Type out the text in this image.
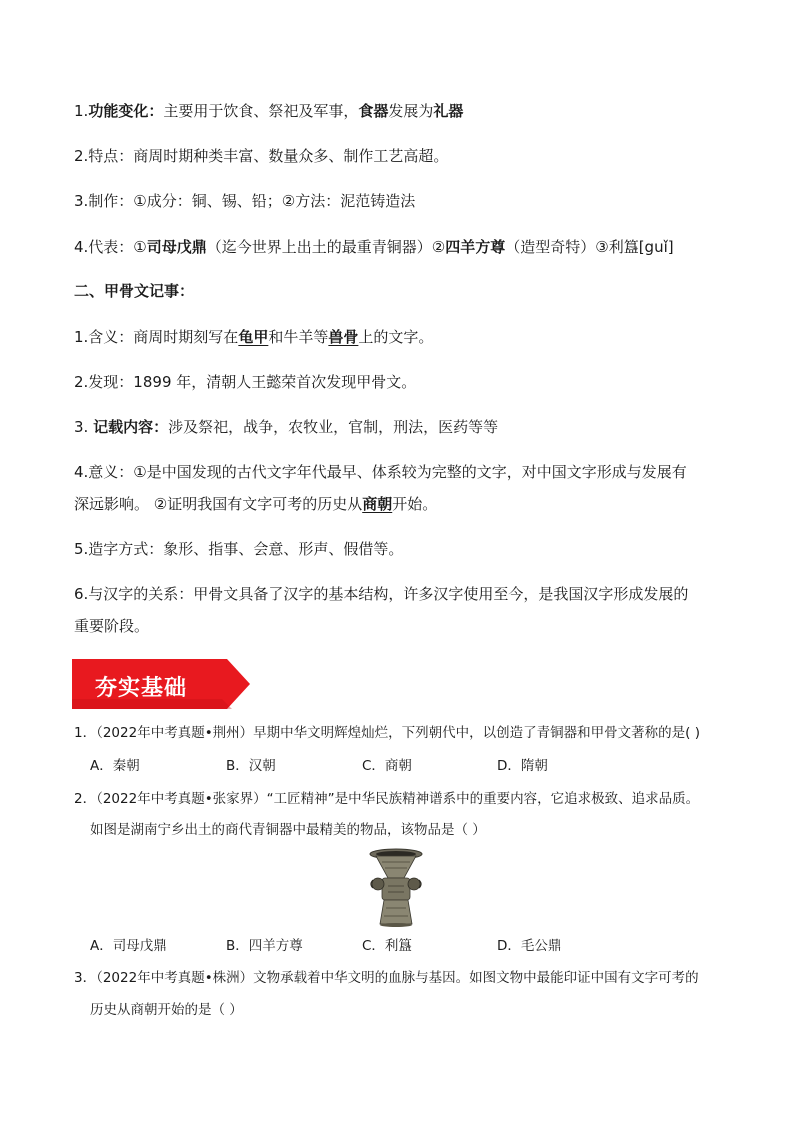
1.功能变化：主要用于饮食、祭祀及军事，食器发展为礼器
2.特点：商周时期种类丰富、数量众多、制作工艺高超。
3.制作：①成分：铜、锡、铅；②方法：泥范铸造法
4.代表：①司母戊鼎（迄今世界上出土的最重青铜器）②四羊方尊（造型奇特）③利簋[guǐ]
二、甲骨文记事：
1.含义：商周时期刻写在龟甲和牛羊等兽骨上的文字。
2.发现：1899 年，清朝人王懿荣首次发现甲骨文。
3. 记载内容：涉及祭祀，战争，农牧业，官制，刑法，医药等等
4.意义：①是中国发现的古代文字年代最早、体系较为完整的文字，对中国文字形成与发展有
深远影响。 ②证明我国有文字可考的历史从商朝开始。
5.造字方式：象形、指事、会意、形声、假借等。
6.与汉字的关系：甲骨文具备了汉字的基本结构，许多汉字使用至今，是我国汉字形成发展的
重要阶段。
夯实基础
1．（2022年中考真题•荆州）早期中华文明辉煌灿烂，下列朝代中，以创造了青铜器和甲骨文著称的是( )
A．秦朝	B．汉朝	C．商朝	D．隋朝
2．（2022年中考真题•张家界）“工匠精神”是中华民族精神谱系中的重要内容，它追求极致、追求品质。
如图是湖南宁乡出土的商代青铜器中最精美的物品，该物品是（ ）
A．司母戊鼎	B．四羊方尊	C．利簋	D．毛公鼎
3．（2022年中考真题•株洲）文物承载着中华文明的血脉与基因。如图文物中最能印证中国有文字可考的
历史从商朝开始的是（ ）
